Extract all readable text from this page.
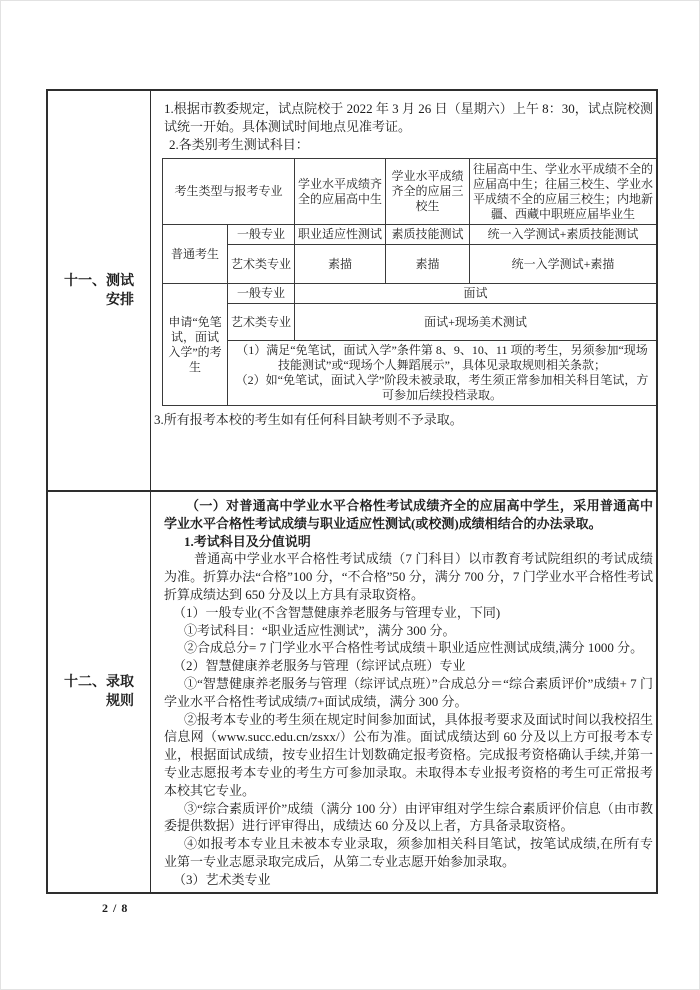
十一、测试
安排

1.根据市教委规定，试点院校于 2022 年 3 月 26 日（星期六）上午 8：30，试点院校测试统一开始。具体测试时间地点见准考证。

2.各类别考生测试科目：

考生类型与报考专业		学业水平成绩齐全的应届高中生	学业水平成绩齐全的应届三校生	往届高中生、学业水平成绩不全的应届高中生；往届三校生、学业水平成绩不全的应届三校生；内地新疆、西藏中职班应届毕业生
普通考生	一般专业	职业适应性测试	素质技能测试	统一入学测试+素质技能测试
	艺术类专业	素描	素描	统一入学测试+素描
申请“免笔试，面试入学”的考生	一般专业	面试		
	艺术类专业	面试+现场美术测试		

	（1）满足“免笔试，面试入学”条件第 8、9、10、11 项的考生，另须参加“现场技能测试”或“现场个人舞蹈展示”，具体见录取规则相关条款；

（2）如“免笔试，面试入学”阶段未被录取，考生须正常参加相关科目笔试，方可参加后续投档录取。			

3.所有报考本校的考生如有任何科目缺考则不予录取。

十二、录取
规则

（一）对普通高中学业水平合格性考试成绩齐全的应届高中学生，采用普通高中学业水平合格性考试成绩与职业适应性测试(或校测)成绩相结合的办法录取。

1.考试科目及分值说明

普通高中学业水平合格性考试成绩（7 门科目）以市教育考试院组织的考试成绩为准。折算办法“合格”100 分，“不合格”50 分，满分 700 分，7 门学业水平合格性考试折算成绩达到 650 分及以上方具有录取资格。

（1）一般专业(不含智慧健康养老服务与管理专业，下同)

①考试科目：“职业适应性测试”，满分 300 分。

②合成总分= 7 门学业水平合格性考试成绩＋职业适应性测试成绩,满分 1000 分。

（2）智慧健康养老服务与管理（综评试点班）专业

①“智慧健康养老服务与管理（综评试点班）”合成总分＝“综合素质评价”成绩+ 7 门学业水平合格性考试成绩/7+面试成绩，满分 300 分。

②报考本专业的考生须在规定时间参加面试，具体报考要求及面试时间以我校招生信息网（www.succ.edu.cn/zsxx/）公布为准。面试成绩达到 60 分及以上方可报考本专业，根据面试成绩，按专业招生计划数确定报考资格。完成报考资格确认手续,并第一专业志愿报考本专业的考生方可参加录取。未取得本专业报考资格的考生可正常报考本校其它专业。

③“综合素质评价”成绩（满分 100 分）由评审组对学生综合素质评价信息（由市教委提供数据）进行评审得出，成绩达 60 分及以上者，方具备录取资格。

④如报考本专业且未被本专业录取，须参加相关科目笔试，按笔试成绩,在所有专业第一专业志愿录取完成后，从第二专业志愿开始参加录取。

（3）艺术类专业

2 / 8
